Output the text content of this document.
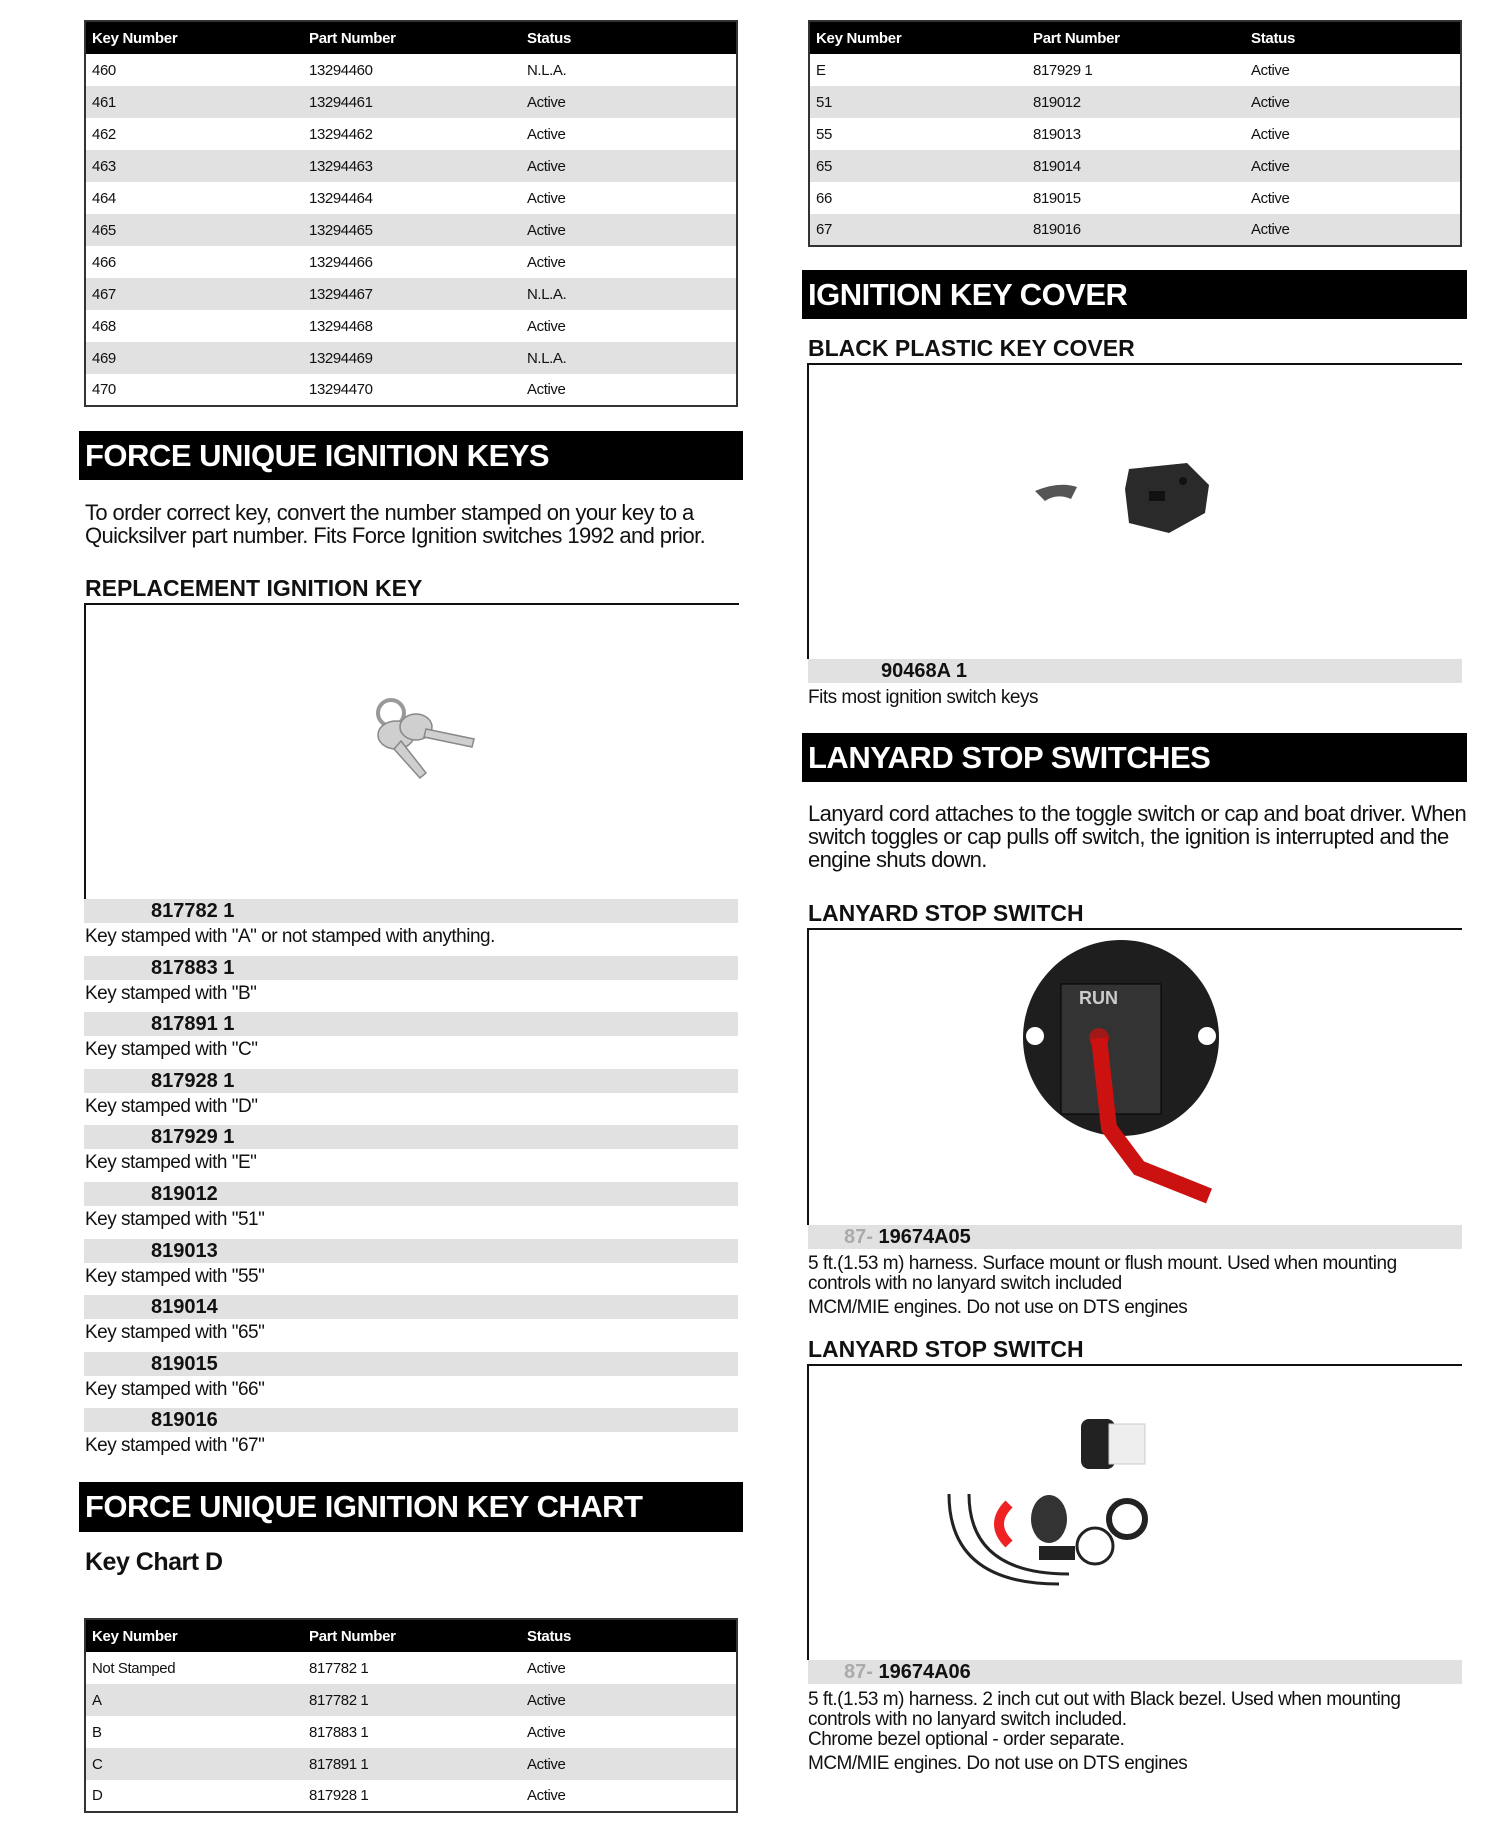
Key Number	Part Number	Status
460	13294460	N.L.A.
461	13294461	Active
462	13294462	Active
463	13294463	Active
464	13294464	Active
465	13294465	Active
466	13294466	Active
467	13294467	N.L.A.
468	13294468	Active
469	13294469	N.L.A.
470	13294470	Active
Key Number	Part Number	Status
E	817929 1	Active
51	819012	Active
55	819013	Active
65	819014	Active
66	819015	Active
67	819016	Active
FORCE UNIQUE IGNITION KEYS
To order correct key, convert the number stamped on your key to a Quicksilver part number. Fits Force Ignition switches 1992 and prior.
REPLACEMENT IGNITION KEY
817782 1
Key stamped with "A" or not stamped with anything.
817883 1
Key stamped with "B"
817891 1
Key stamped with "C"
817928 1
Key stamped with "D"
817929 1
Key stamped with "E"
819012
Key stamped with "51"
819013
Key stamped with "55"
819014
Key stamped with "65"
819015
Key stamped with "66"
819016
Key stamped with "67"
FORCE UNIQUE IGNITION KEY CHART
Key Chart D
Key Number	Part Number	Status
Not Stamped	817782 1	Active
A	817782 1	Active
B	817883 1	Active
C	817891 1	Active
D	817928 1	Active
IGNITION KEY COVER
BLACK PLASTIC KEY COVER
90468A 1
Fits most ignition switch keys
LANYARD STOP SWITCHES
Lanyard cord attaches to the toggle switch or cap and boat driver. When switch toggles or cap pulls off switch, the ignition is interrupted and the engine shuts down.
LANYARD STOP SWITCH
RUN
87- 19674A05
5 ft.(1.53 m) harness. Surface mount or flush mount. Used when mounting controls with no lanyard switch included
MCM/MIE engines. Do not use on DTS engines
LANYARD STOP SWITCH
87- 19674A06
5 ft.(1.53 m) harness. 2 inch cut out with Black bezel. Used when mounting controls with no lanyard switch included.
Chrome bezel optional - order separate.
MCM/MIE engines. Do not use on DTS engines
